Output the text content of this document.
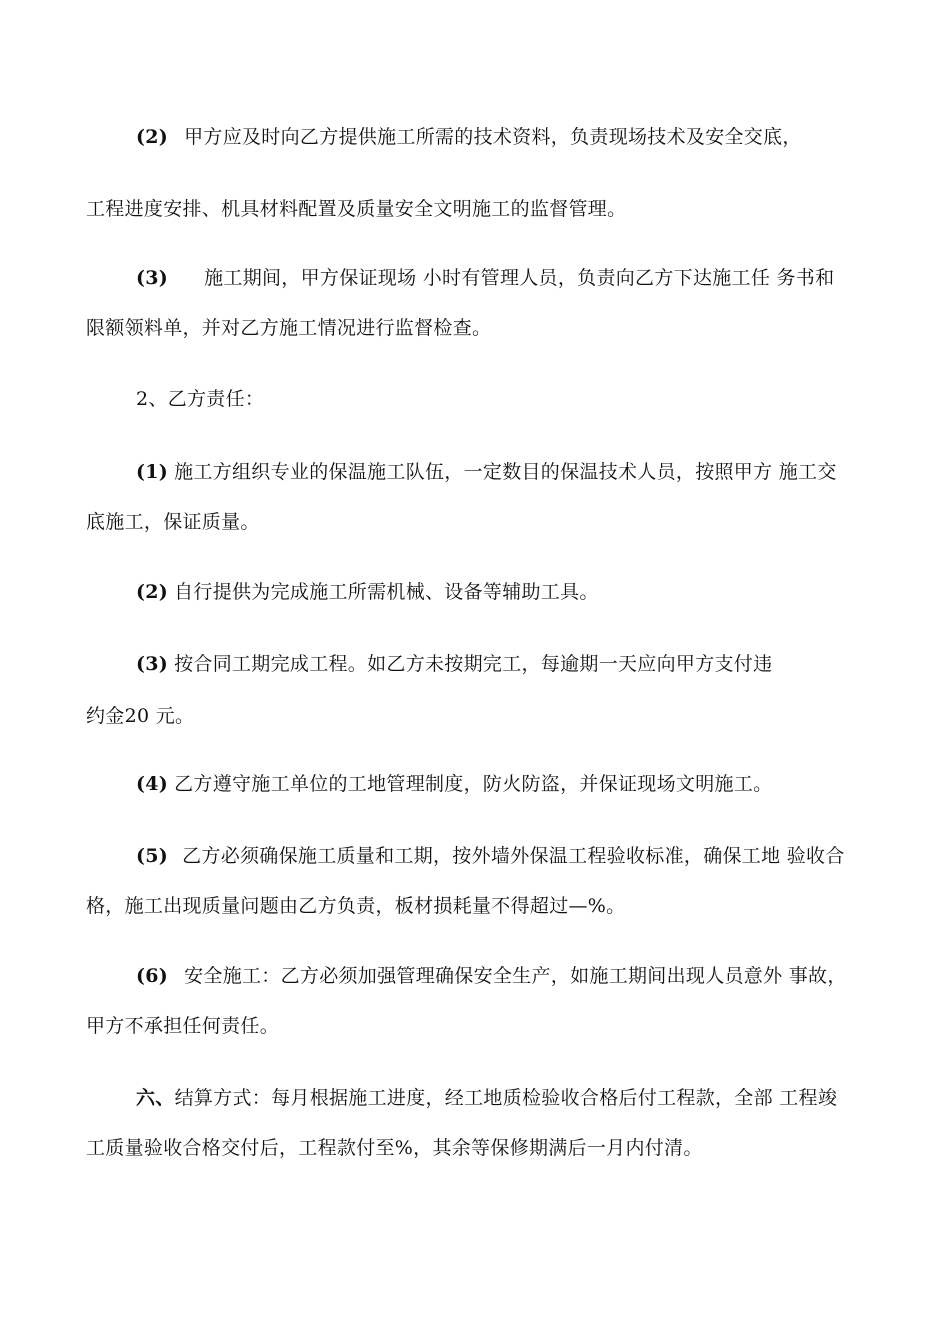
(2) 甲方应及时向乙方提供施工所需的技术资料，负责现场技术及安全交底，
工程进度安排、机具材料配置及质量安全文明施工的监督管理。
(3) 施工期间，甲方保证现场 小时有管理人员，负责向乙方下达施工任 务书和
限额领料单，并对乙方施工情况进行监督检查。
2、乙方责任：
(1) 施工方组织专业的保温施工队伍，一定数目的保温技术人员，按照甲方 施工交
底施工，保证质量。
(2) 自行提供为完成施工所需机械、设备等辅助工具。
(3) 按合同工期完成工程。如乙方未按期完工，每逾期一天应向甲方支付违
约金20 元。
(4) 乙方遵守施工单位的工地管理制度，防火防盗，并保证现场文明施工。
(5) 乙方必须确保施工质量和工期，按外墙外保温工程验收标准，确保工地 验收合
格，施工出现质量问题由乙方负责，板材损耗量不得超过—%。
(6) 安全施工：乙方必须加强管理确保安全生产，如施工期间出现人员意外 事故，
甲方不承担任何责任。
六、结算方式：每月根据施工进度，经工地质检验收合格后付工程款，全部 工程竣
工质量验收合格交付后，工程款付至%，其余等保修期满后一月内付清。
